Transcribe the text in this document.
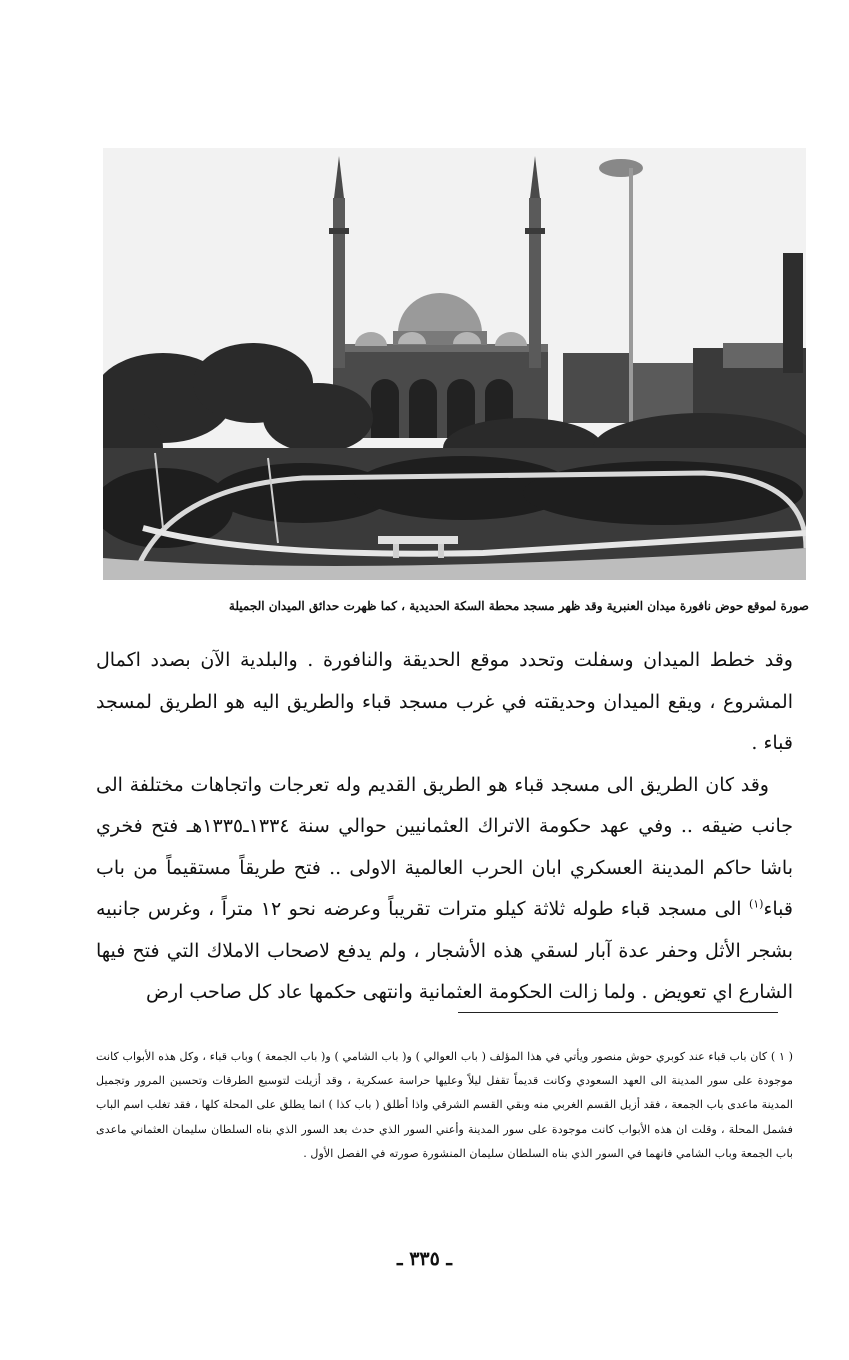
صورة لموقع حوض نافورة ميدان العنبرية وقد ظهر مسجد محطة السكة الحديدية ، كما ظهرت حدائق الميدان الجميلة

وقد خطط الميدان وسفلت وتحدد موقع الحديقة والنافورة . والبلدية الآن بصدد اكمال المشروع ، ويقع الميدان وحديقته في غرب مسجد قباء والطريق اليه هو الطريق لمسجد قباء .

وقد كان الطريق الى مسجد قباء هو الطريق القديم وله تعرجات واتجاهات مختلفة الى جانب ضيقه .. وفي عهد حكومة الاتراك العثمانيين حوالي سنة ١٣٣٤ـ١٣٣٥هـ فتح فخري باشا حاكم المدينة العسكري ابان الحرب العالمية الاولى .. فتح طريقاً مستقيماً من باب قباء$^{(١)}$ الى مسجد قباء طوله ثلاثة كيلو مترات تقريباً وعرضه نحو ١٢ متراً ، وغرس جانبيه بشجر الأثل وحفر عدة آبار لسقي هذه الأشجار ، ولم يدفع لاصحاب الاملاك التي فتح فيها الشارع اي تعويض . ولما زالت الحكومة العثمانية وانتهى حكمها عاد كل صاحب ارض

( ١ ) كان باب قباء عند كوبري حوش منصور ويأتي في هذا المؤلف ( باب العوالي ) و( باب الشامي ) و( باب الجمعة ) وباب قباء ، وكل هذه الأبواب كانت موجودة على سور المدينة الى العهد السعودي وكانت قديماً تقفل ليلاً وعليها حراسة عسكرية ، وقد أزيلت لتوسيع الطرقات وتحسين المرور وتجميل المدينة ماعدى باب الجمعة ، فقد أزيل القسم الغربي منه وبقي القسم الشرقي واذا أطلق ( باب كذا ) انما يطلق على المحلة كلها ، فقد تغلب اسم الباب فشمل المحلة ، وقلت ان هذه الأبواب كانت موجودة على سور المدينة وأعني السور الذي حدث بعد السور الذي بناه السلطان سليمان العثماني ماعدى باب الجمعة وباب الشامي فانهما في السور الذي بناه السلطان سليمان المنشورة صورته في الفصل الأول .
ـ ٣٣٥ ـ
